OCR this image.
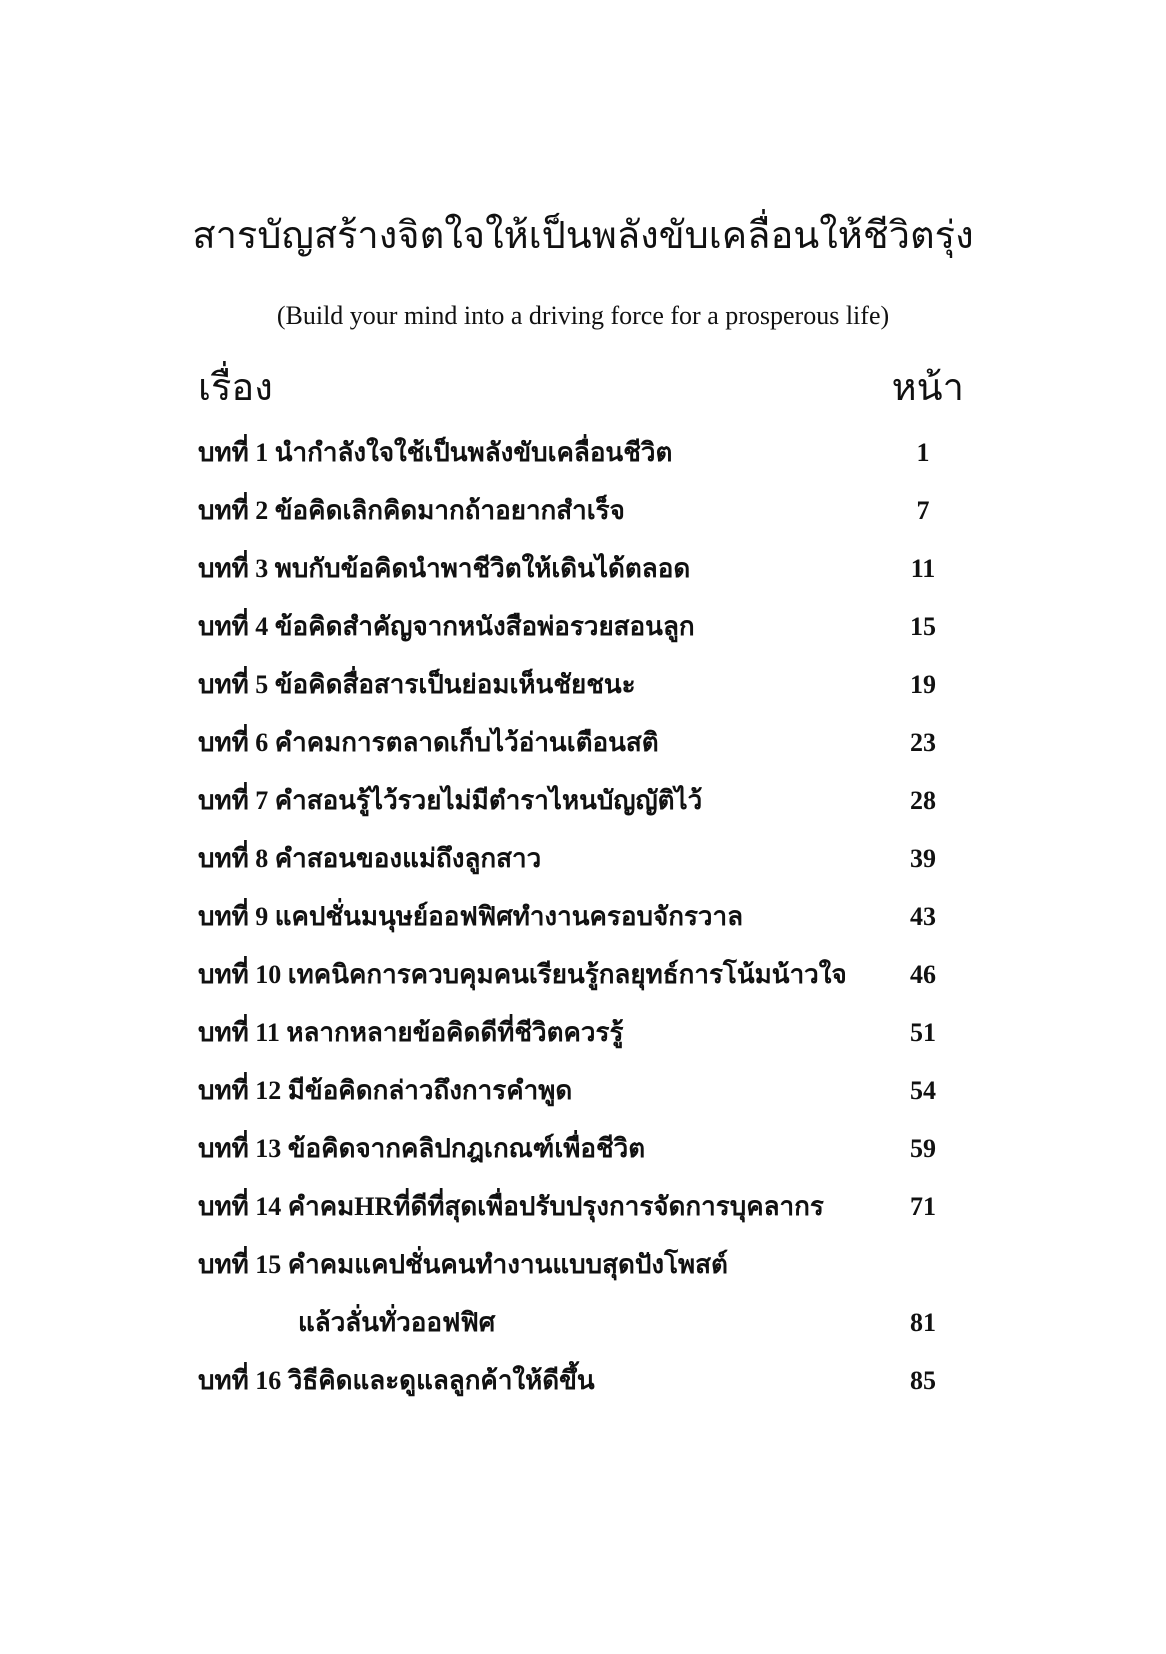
สารบัญสร้างจิตใจให้เป็นพลังขับเคลื่อนให้ชีวิตรุ่ง
(Build your mind into a driving force for a prosperous life)
เรื่อง	หน้า
บทที่ 1 นำกำลังใจใช้เป็นพลังขับเคลื่อนชีวิต	1
บทที่ 2 ข้อคิดเลิกคิดมากถ้าอยากสำเร็จ	7
บทที่ 3 พบกับข้อคิดนำพาชีวิตให้เดินได้ตลอด	11
บทที่ 4 ข้อคิดสำคัญจากหนังสือพ่อรวยสอนลูก	15
บทที่ 5 ข้อคิดสื่อสารเป็นย่อมเห็นชัยชนะ	19
บทที่ 6 คำคมการตลาดเก็บไว้อ่านเตือนสติ	23
บทที่ 7 คำสอนรู้ไว้รวยไม่มีตำราไหนบัญญัติไว้	28
บทที่ 8 คำสอนของแม่ถึงลูกสาว	39
บทที่ 9 แคปชั่นมนุษย์ออฟฟิศทำงานครอบจักรวาล	43
บทที่ 10 เทคนิคการควบคุมคนเรียนรู้กลยุทธ์การโน้มน้าวใจ	46
บทที่ 11 หลากหลายข้อคิดดีที่ชีวิตควรรู้	51
บทที่ 12 มีข้อคิดกล่าวถึงการคำพูด	54
บทที่ 13 ข้อคิดจากคลิปกฎเกณฑ์เพื่อชีวิต	59
บทที่ 14 คำคมHRที่ดีที่สุดเพื่อปรับปรุงการจัดการบุคลากร	71
บทที่ 15 คำคมแคปชั่นคนทำงานแบบสุดปังโพสต์
แล้วลั่นทั่วออฟฟิศ	81
บทที่ 16 วิธีคิดและดูแลลูกค้าให้ดีขึ้น	85
